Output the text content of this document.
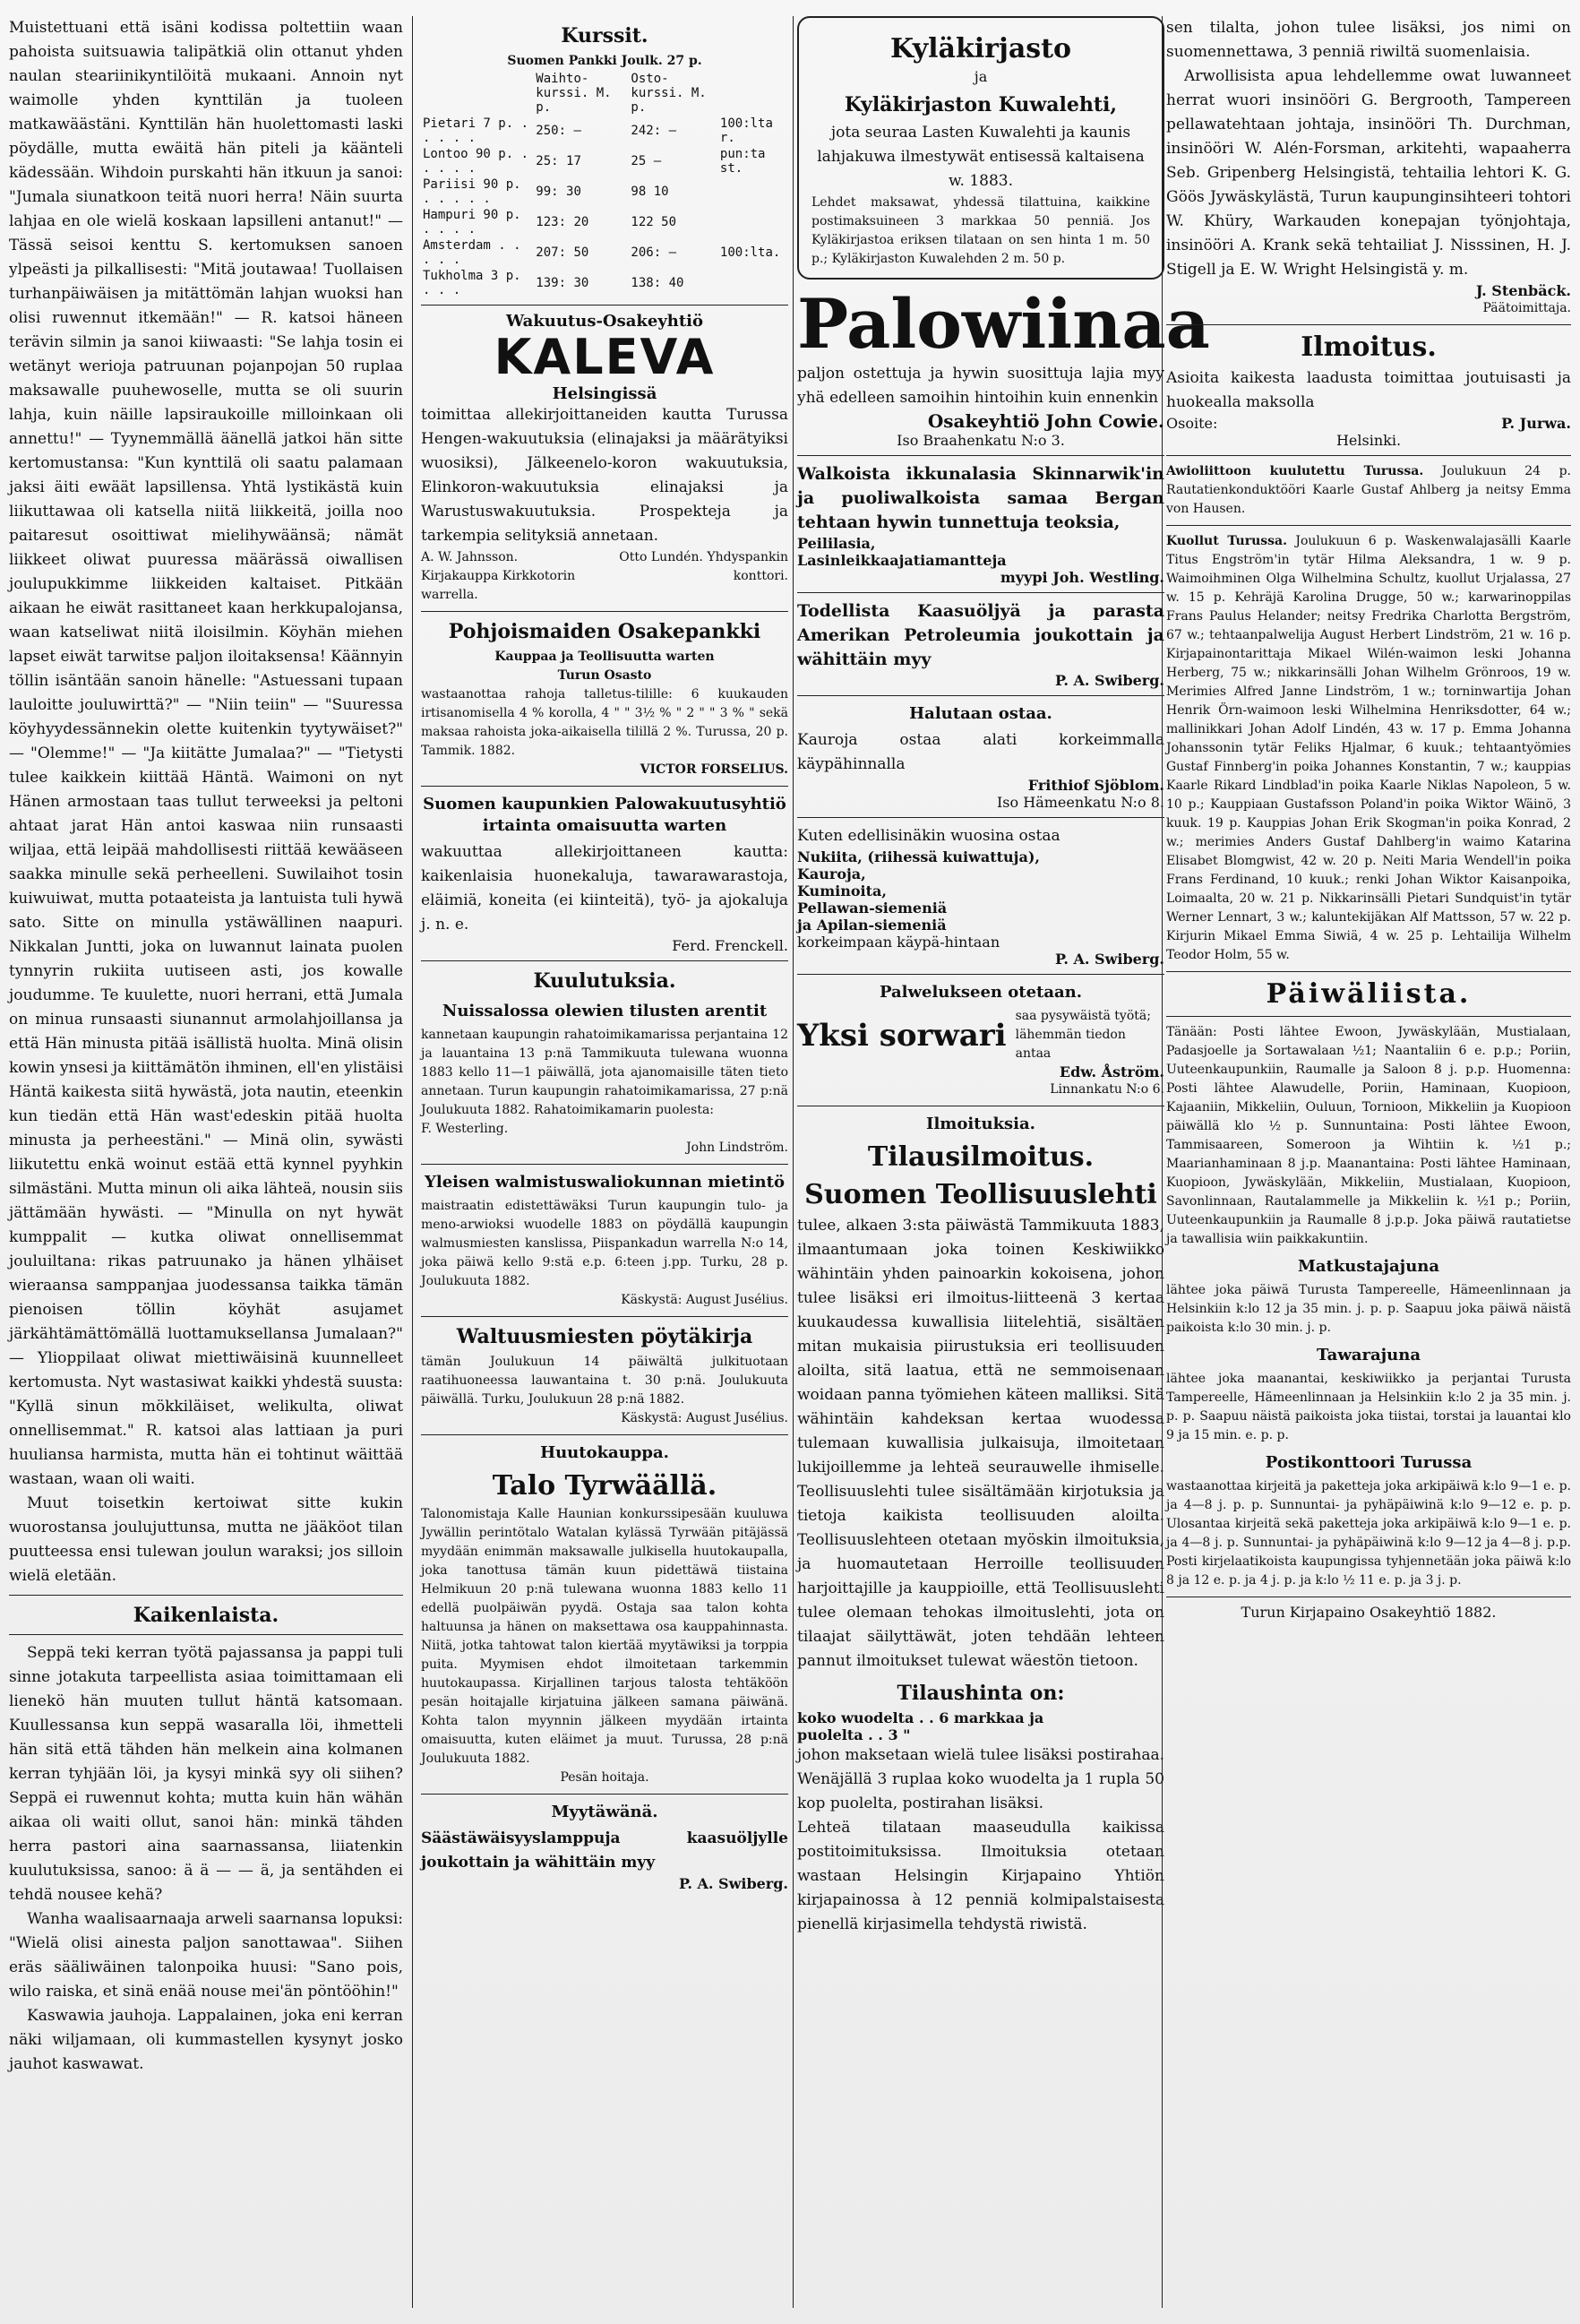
Muistettuani että isäni kodissa poltettiin waan pahoista suitsuawia talipätkiä olin ottanut yhden naulan steariinikyntilöitä mukaani. Annoin nyt waimolle yhden kynttilän ja tuoleen matkawäästäni. Kynttilän hän huolettomasti laski pöydälle, mutta ewäitä hän piteli ja käänteli kädessään. Wihdoin purskahti hän itkuun ja sanoi: "Jumala siunatkoon teitä nuori herra! Näin suurta lahjaa en ole wielä koskaan lapsilleni antanut!" — Tässä seisoi kenttu S. kertomuksen sanoen ylpeästi ja pilkallisesti: "Mitä joutawaa! Tuollaisen turhanpäiwäisen ja mitättömän lahjan wuoksi han olisi ruwennut itkemään!" — R. katsoi häneen terävin silmin ja sanoi kiiwaasti: "Se lahja tosin ei wetänyt werioja patruunan pojanpojan 50 ruplaa maksawalle puuhewoselle, mutta se oli suurin lahja, kuin näille lapsiraukoille milloinkaan oli annettu!" — Tyynemmällä äänellä jatkoi hän sitte kertomustansa: "Kun kynttilä oli saatu palamaan jaksi äiti ewäät lapsillensa. Yhtä lystikästä kuin liikuttawaa oli katsella niitä liikkeitä, joilla noo paitaresut osoittiwat mielihywäänsä; nämät liikkeet oliwat puuressa määrässä oiwallisen joulupukkimme liikkeiden kaltaiset. Pitkään aikaan he eiwät rasittaneet kaan herkkupalojansa, waan katseliwat niitä iloisilmin. Köyhän miehen lapset eiwät tarwitse paljon iloitaksensa! Käännyin töllin isäntään sanoin hänelle: "Astuessani tupaan lauloitte jouluwirttä?" — "Niin teiin" — "Suuressa köyhyydessännekin olette kuitenkin tyytywäiset?" — "Olemme!" — "Ja kiitätte Jumalaa?" — "Tietysti tulee kaikkein kiittää Häntä. Waimoni on nyt Hänen armostaan taas tullut terweeksi ja peltoni ahtaat jarat Hän antoi kaswaa niin runsaasti wiljaa, että leipää mahdollisesti riittää kewääseen saakka minulle sekä perheelleni. Suwilaihot tosin kuiwuiwat, mutta potaateista ja lantuista tuli hywä sato. Sitte on minulla ystäwällinen naapuri. Nikkalan Juntti, joka on luwannut lainata puolen tynnyrin rukiita uutiseen asti, jos kowalle joudumme. Te kuulette, nuori herrani, että Jumala on minua runsaasti siunannut armolahjoillansa ja että Hän minusta pitää isällistä huolta. Minä olisin kowin ynsesi ja kiittämätön ihminen, ell'en ylistäisi Häntä kaikesta siitä hywästä, jota nautin, eteenkin kun tiedän että Hän wast'edeskin pitää huolta minusta ja perheestäni." — Minä olin, sywästi liikutettu enkä woinut estää että kynnel pyyhkin silmästäni. Mutta minun oli aika lähteä, nousin siis jättämään hywästi. — "Minulla on nyt hywät kumppalit — kutka oliwat onnellisemmat jouluiltana: rikas patruunako ja hänen ylhäiset wieraansa samppanjaa juodessansa taikka tämän pienoisen töllin köyhät asujamet järkähtämättömällä luottamuksellansa Jumalaan?" — Ylioppilaat oliwat miettiwäisinä kuunnelleet kertomusta. Nyt wastasiwat kaikki yhdestä suusta: "Kyllä sinun mökkiläiset, welikulta, oliwat onnellisemmat." R. katsoi alas lattiaan ja puri huuliansa harmista, mutta hän ei tohtinut wäittää wastaan, waan oli waiti.

Muut toisetkin kertoiwat sitte kukin wuorostansa joulujuttunsa, mutta ne jääköot tilan puutteessa ensi tulewan joulun waraksi; jos silloin wielä eletään.

Kaikenlaista.

Seppä teki kerran työtä pajassansa ja pappi tuli sinne jotakuta tarpeellista asiaa toimittamaan eli lienekö hän muuten tullut häntä katsomaan. Kuullessansa kun seppä wasaralla löi, ihmetteli hän sitä että tähden hän melkein aina kolmanen kerran tyhjään löi, ja kysyi minkä syy oli siihen? Seppä ei ruwennut kohta; mutta kuin hän wähän aikaa oli waiti ollut, sanoi hän: minkä tähden herra pastori aina saarnassansa, liiatenkin kuulutuksissa, sanoo: ä ä — — ä, ja sentähden ei tehdä nousee kehä?

Wanha waalisaarnaaja arweli saarnansa lopuksi: "Wielä olisi ainesta paljon sanottawaa". Siihen eräs sääliwäinen talonpoika huusi: "Sano pois, wilo raiska, et sinä enää nouse mei'än pöntööhin!"

Kaswawia jauhoja. Lappalainen, joka eni kerran näki wiljamaan, oli kummastellen kysynyt josko jauhot kaswawat.

Kurssit.
Suomen Pankki Joulk. 27 p.
	Waihto-kurssi. M. p.	Osto-kurssi. M. p.	
Pietari 7 p. . . . . .	250: —	242: —	100:lta r.
Lontoo 90 p. . . . . .	25: 17	25 —	pun:ta st.
Pariisi 90 p. . . . . .	99: 30	98 10	
Hampuri 90 p. . . . .	123: 20	122 50	
Amsterdam . . . . .	207: 50	206: —	100:lta.
Tukholma 3 p. . . .	139: 30	138: 40	
Wakuutus-Osakeyhtiö
KALEVA
Helsingissä

toimittaa allekirjoittaneiden kautta Turussa Hengen-wakuutuksia (elinajaksi ja määrätyiksi wuosiksi), Jälkeenelo-koron wakuutuksia, Elinkoron-wakuutuksia elinajaksi ja Warustuswakuutuksia. Prospekteja ja tarkempia selityksiä annetaan.

A. W. Jahnsson. Kirjakauppa Kirkkotorin warrella.
Otto Lundén. Yhdyspankin konttori.
Pohjoismaiden Osakepankki
Kauppaa ja Teollisuutta warten
Turun Osasto

wastaanottaa rahoja talletus-tilille: 6 kuukauden irtisanomisella 4 % korolla, 4 " " 3½ % " 2 " " 3 % " sekä maksaa rahoista joka-aikaisella tilillä 2 %. Turussa, 20 p. Tammik. 1882.

VICTOR FORSELIUS.
Suomen kaupunkien Palowakuutusyhtiö irtainta omaisuutta warten

wakuuttaa allekirjoittaneen kautta: kaikenlaisia huonekaluja, tawarawarastoja, eläimiä, koneita (ei kiinteitä), työ- ja ajokaluja j. n. e.

Ferd. Frenckell.
Kuulutuksia.
Nuissalossa olewien tilusten arentit

kannetaan kaupungin rahatoimikamarissa perjantaina 12 ja lauantaina 13 p:nä Tammikuuta tulewana wuonna 1883 kello 11—1 päiwällä, jota ajanomaisille täten tieto annetaan. Turun kaupungin rahatoimikamarissa, 27 p:nä Joulukuuta 1882. Rahatoimikamarin puolesta:

F. Westerling.
John Lindström.
Yleisen walmistuswaliokunnan mietintö

maistraatin edistettäwäksi Turun kaupungin tulo- ja meno-arwioksi wuodelle 1883 on pöydällä kaupungin walmusmiesten kanslissa, Piispankadun warrella N:o 14, joka päiwä kello 9:stä e.p. 6:teen j.pp. Turku, 28 p. Joulukuuta 1882.

Käskystä: August Jusélius.
Waltuusmiesten pöytäkirja

tämän Joulukuun 14 päiwältä julkituotaan raatihuoneessa lauwantaina t. 30 p:nä. Joulukuuta päiwällä. Turku, Joulukuun 28 p:nä 1882.

Käskystä: August Jusélius.
Huutokauppa.
Talo Tyrwäällä.

Talonomistaja Kalle Haunian konkurssipesään kuuluwa Jywällin perintötalo Watalan kylässä Tyrwään pitäjässä myydään enimmän maksawalle julkisella huutokaupalla, joka tanottusa tämän kuun pidettäwä tiistaina Helmikuun 20 p:nä tulewana wuonna 1883 kello 11 edellä puolpäiwän pyydä. Ostaja saa talon kohta haltuunsa ja hänen on maksettawa osa kauppahinnasta. Niitä, jotka tahtowat talon kiertää myytäwiksi ja torppia puita. Myymisen ehdot ilmoitetaan tarkemmin huutokaupassa. Kirjallinen tarjous talosta tehtäköön pesän hoitajalle kirjatuina jälkeen samana päiwänä. Kohta talon myynnin jälkeen myydään irtainta omaisuutta, kuten eläimet ja muut. Turussa, 28 p:nä Joulukuuta 1882.

Pesän hoitaja.
Myytäwänä.

Säästäwäisyyslamppuja kaasuöljylle joukottain ja wähittäin myy

P. A. Swiberg.
Kyläkirjasto
ja
Kyläkirjaston Kuwalehti,

jota seuraa Lasten Kuwalehti ja kaunis lahjakuwa ilmestywät entisessä kaltaisena w. 1883.

Lehdet maksawat, yhdessä tilattuina, kaikkine postimaksuineen 3 markkaa 50 penniä. Jos Kyläkirjastoa eriksen tilataan on sen hinta 1 m. 50 p.; Kyläkirjaston Kuwalehden 2 m. 50 p.

Palowiinaa

paljon ostettuja ja hywin suosittuja lajia myy yhä edelleen samoihin hintoihin kuin ennenkin

Osakeyhtiö John Cowie.
Iso Braahenkatu N:o 3.

Walkoista ikkunalasia Skinnarwik'in ja puoliwalkoista samaa Bergan tehtaan hywin tunnettuja teoksia,

Peililasia,
Lasinleikkaajatiamantteja
myypi Joh. Westling.

Todellista Kaasuöljyä ja parasta Amerikan Petroleumia joukottain ja wähittäin myy

P. A. Swiberg.
Halutaan ostaa.

Kauroja ostaa alati korkeimmalla käypähinnalla

Frithiof Sjöblom.
Iso Hämeenkatu N:o 8.

Kuten edellisinäkin wuosina ostaa

Nukiita, (riihessä kuiwattuja),
Kauroja,
Kuminoita,
Pellawan-siemeniä
ja Apilan-siemeniä
korkeimpaan käypä-hintaan
P. A. Swiberg.
Palwelukseen otetaan.
Yksi sorwari
saa pysywäistä työtä; lähemmän tiedon antaa
Edw. Åström.
Linnankatu N:o 6.
Ilmoituksia.
Tilausilmoitus.
Suomen Teollisuuslehti

tulee, alkaen 3:sta päiwästä Tammikuuta 1883, ilmaantumaan joka toinen Keskiwiikko wähintäin yhden painoarkin kokoisena, johon tulee lisäksi eri ilmoitus-liitteenä 3 kertaa kuukaudessa kuwallisia liitelehtiä, sisältäen mitan mukaisia piirustuksia eri teollisuuden aloilta, sitä laatua, että ne semmoisenaan woidaan panna työmiehen käteen malliksi. Sitä wähintäin kahdeksan kertaa wuodessa tulemaan kuwallisia julkaisuja, ilmoitetaan lukijoillemme ja lehteä seurauwelle ihmiselle. Teollisuuslehti tulee sisältämään kirjotuksia ja tietoja kaikista teollisuuden aloilta. Teollisuuslehteen otetaan myöskin ilmoituksia, ja huomautetaan Herroille teollisuuden harjoittajille ja kauppioille, että Teollisuuslehti tulee olemaan tehokas ilmoituslehti, jota on tilaajat säilyttäwät, joten tehdään lehteen pannut ilmoitukset tulewat wäestön tietoon.

Tilaushinta on:
koko wuodelta . . 6 markkaa ja
puolelta . . 3 "

johon maksetaan wielä tulee lisäksi postirahaa. Wenäjällä 3 ruplaa koko wuodelta ja 1 rupla 50 kop puolelta, postirahan lisäksi.

Lehteä tilataan maaseudulla kaikissa postitoimituksissa. Ilmoituksia otetaan wastaan Helsingin Kirjapaino Yhtiön kirjapainossa à 12 penniä kolmipalstaisesta pienellä kirjasimella tehdystä riwistä.

sen tilalta, johon tulee lisäksi, jos nimi on suomennettawa, 3 penniä riwiltä suomenlaisia.

Arwollisista apua lehdellemme owat luwanneet herrat wuori insinööri G. Bergrooth, Tampereen pellawatehtaan johtaja, insinööri Th. Durchman, insinööri W. Alén-Forsman, arkitehti, wapaaherra Seb. Gripenberg Helsingistä, tehtailia lehtori K. G. Göös Jywäskylästä, Turun kaupunginsihteeri tohtori W. Khüry, Warkauden konepajan työnjohtaja, insinööri A. Krank sekä tehtailiat J. Nisssinen, H. J. Stigell ja E. W. Wright Helsingistä y. m.

J. Stenbäck.
Päätoimittaja.
Ilmoitus.

Asioita kaikesta laadusta toimittaa joutuisasti ja huokealla maksolla

Osoite:	P. Jurwa.
Helsinki.

Awioliittoon kuulutettu Turussa. Joulukuun 24 p. Rautatienkonduktööri Kaarle Gustaf Ahlberg ja neitsy Emma von Hausen.

Kuollut Turussa. Joulukuun 6 p. Waskenwalajasälli Kaarle Titus Engström'in tytär Hilma Aleksandra, 1 w. 9 p. Waimoihminen Olga Wilhelmina Schultz, kuollut Urjalassa, 27 w. 15 p. Kehräjä Karolina Drugge, 50 w.; karwarinoppilas Frans Paulus Helander; neitsy Fredrika Charlotta Bergström, 67 w.; tehtaanpalwelija August Herbert Lindström, 21 w. 16 p. Kirjapainontarittaja Mikael Wilén-waimon leski Johanna Herberg, 75 w.; nikkarinsälli Johan Wilhelm Grönroos, 19 w. Merimies Alfred Janne Lindström, 1 w.; torninwartija Johan Henrik Örn-waimoon leski Wilhelmina Henriksdotter, 64 w.; mallinikkari Johan Adolf Lindén, 43 w. 17 p. Emma Johanna Johanssonin tytär Feliks Hjalmar, 6 kuuk.; tehtaantyömies Gustaf Finnberg'in poika Johannes Konstantin, 7 w.; kauppias Kaarle Rikard Lindblad'in poika Kaarle Niklas Napoleon, 5 w. 10 p.; Kauppiaan Gustafsson Poland'in poika Wiktor Wäinö, 3 kuuk. 19 p. Kauppias Johan Erik Skogman'in poika Konrad, 2 w.; merimies Anders Gustaf Dahlberg'in waimo Katarina Elisabet Blomgwist, 42 w. 20 p. Neiti Maria Wendell'in poika Frans Ferdinand, 10 kuuk.; renki Johan Wiktor Kaisanpoika, Loimaalta, 20 w. 21 p. Nikkarinsälli Pietari Sundquist'in tytär Werner Lennart, 3 w.; kaluntekijäkan Alf Mattsson, 57 w. 22 p. Kirjurin Mikael Emma Siwiä, 4 w. 25 p. Lehtailija Wilhelm Teodor Holm, 55 w.

Päiwäliista.

Tänään: Posti lähtee Ewoon, Jywäskylään, Mustialaan, Padasjoelle ja Sortawalaan ½1; Naantaliin 6 e. p.p.; Poriin, Uuteenkaupunkiin, Raumalle ja Saloon 8 j. p.p. Huomenna: Posti lähtee Alawudelle, Poriin, Haminaan, Kuopioon, Kajaaniin, Mikkeliin, Ouluun, Tornioon, Mikkeliin ja Kuopioon päiwällä klo ½ p. Sunnuntaina: Posti lähtee Ewoon, Tammisaareen, Someroon ja Wihtiin k. ½1 p.; Maarianhaminaan 8 j.p. Maanantaina: Posti lähtee Haminaan, Kuopioon, Jywäskylään, Mikkeliin, Mustialaan, Kuopioon, Savonlinnaan, Rautalammelle ja Mikkeliin k. ½1 p.; Poriin, Uuteenkaupunkiin ja Raumalle 8 j.p.p. Joka päiwä rautatietse ja tawallisia wiin paikkakuntiin.

Matkustajajuna

lähtee joka päiwä Turusta Tampereelle, Hämeenlinnaan ja Helsinkiin k:lo 12 ja 35 min. j. p. p. Saapuu joka päiwä näistä paikoista k:lo 30 min. j. p.

Tawarajuna

lähtee joka maanantai, keskiwiikko ja perjantai Turusta Tampereelle, Hämeenlinnaan ja Helsinkiin k:lo 2 ja 35 min. j. p. p. Saapuu näistä paikoista joka tiistai, torstai ja lauantai klo 9 ja 15 min. e. p. p.

Postikonttoori Turussa

wastaanottaa kirjeitä ja paketteja joka arkipäiwä k:lo 9—1 e. p. ja 4—8 j. p. p. Sunnuntai- ja pyhäpäiwinä k:lo 9—12 e. p. p. Ulosantaa kirjeitä sekä paketteja joka arkipäiwä k:lo 9—1 e. p. ja 4—8 j. p. Sunnuntai- ja pyhäpäiwinä k:lo 9—12 ja 4—8 j. p.p. Posti kirjelaatikoista kaupungissa tyhjennetään joka päiwä k:lo 8 ja 12 e. p. ja 4 j. p. ja k:lo ½ 11 e. p. ja 3 j. p.

Turun Kirjapaino Osakeyhtiö 1882.
